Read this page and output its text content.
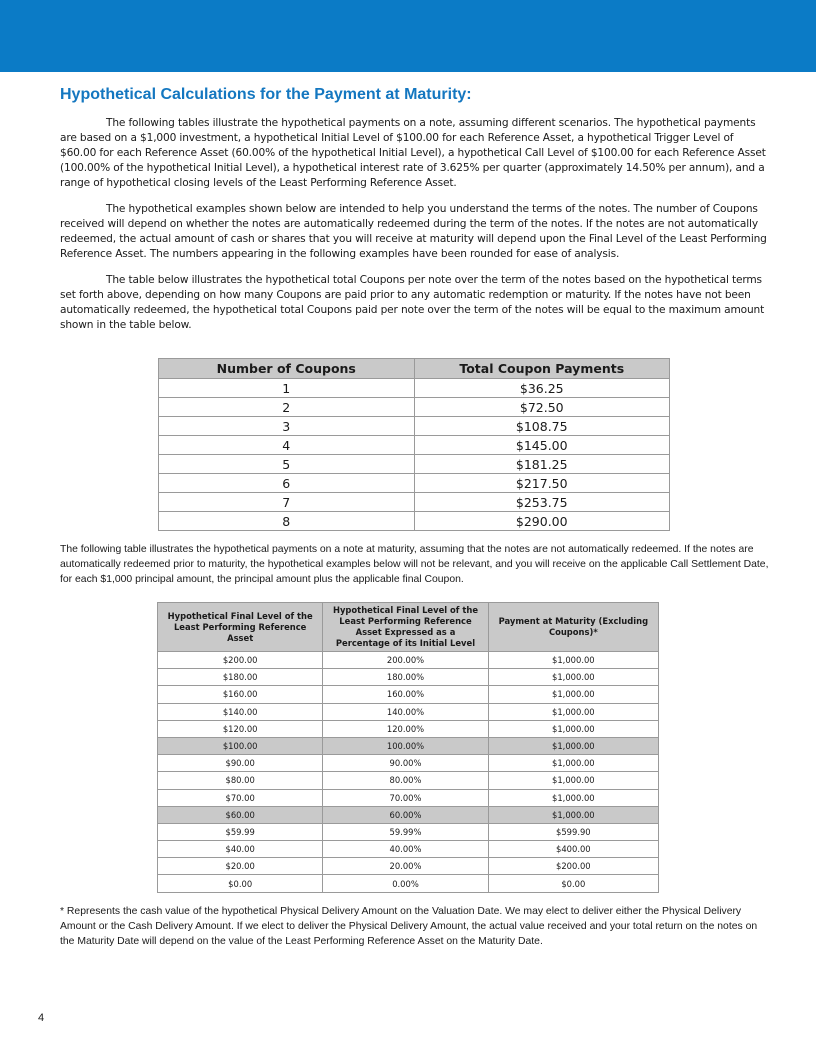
Hypothetical Calculations for the Payment at Maturity:

The following tables illustrate the hypothetical payments on a note, assuming different scenarios. The hypothetical payments are based on a $1,000 investment, a hypothetical Initial Level of $100.00 for each Reference Asset, a hypothetical Trigger Level of $60.00 for each Reference Asset (60.00% of the hypothetical Initial Level), a hypothetical Call Level of $100.00 for each Reference Asset (100.00% of the hypothetical Initial Level), a hypothetical interest rate of 3.625% per quarter (approximately 14.50% per annum), and a range of hypothetical closing levels of the Least Performing Reference Asset.

The hypothetical examples shown below are intended to help you understand the terms of the notes. The number of Coupons received will depend on whether the notes are automatically redeemed during the term of the notes. If the notes are not automatically redeemed, the actual amount of cash or shares that you will receive at maturity will depend upon the Final Level of the Least Performing Reference Asset. The numbers appearing in the following examples have been rounded for ease of analysis.

The table below illustrates the hypothetical total Coupons per note over the term of the notes based on the hypothetical terms set forth above, depending on how many Coupons are paid prior to any automatic redemption or maturity. If the notes have not been automatically redeemed, the hypothetical total Coupons paid per note over the term of the notes will be equal to the maximum amount shown in the table below.

Number of Coupons	Total Coupon Payments
1	$36.25
2	$72.50
3	$108.75
4	$145.00
5	$181.25
6	$217.50
7	$253.75
8	$290.00

The following table illustrates the hypothetical payments on a note at maturity, assuming that the notes are not automatically redeemed. If the notes are automatically redeemed prior to maturity, the hypothetical examples below will not be relevant, and you will receive on the applicable Call Settlement Date, for each $1,000 principal amount, the principal amount plus the applicable final Coupon.

Hypothetical Final Level of the Least Performing Reference Asset	Hypothetical Final Level of the Least Performing Reference Asset Expressed as a Percentage of its Initial Level	Payment at Maturity (Excluding Coupons)*
$200.00	200.00%	$1,000.00
$180.00	180.00%	$1,000.00
$160.00	160.00%	$1,000.00
$140.00	140.00%	$1,000.00
$120.00	120.00%	$1,000.00
$100.00	100.00%	$1,000.00
$90.00	90.00%	$1,000.00
$80.00	80.00%	$1,000.00
$70.00	70.00%	$1,000.00
$60.00	60.00%	$1,000.00
$59.99	59.99%	$599.90
$40.00	40.00%	$400.00
$20.00	20.00%	$200.00
$0.00	0.00%	$0.00

* Represents the cash value of the hypothetical Physical Delivery Amount on the Valuation Date. We may elect to deliver either the Physical Delivery Amount or the Cash Delivery Amount. If we elect to deliver the Physical Delivery Amount, the actual value received and your total return on the notes on the Maturity Date will depend on the value of the Least Performing Reference Asset on the Maturity Date.

4
